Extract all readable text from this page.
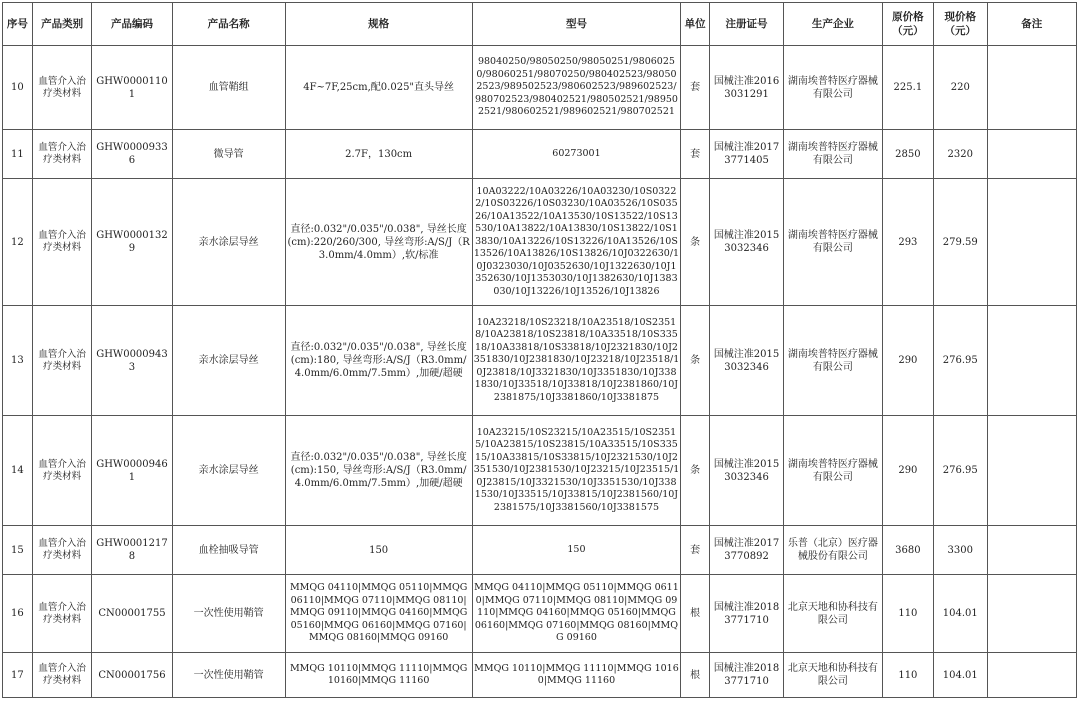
序号	产品类别	产品编码	产品名称	规格	型号	单位	注册证号	生产企业	原价格（元）	现价格（元）	备注
10	血管介入治疗类材料	GHW00001101	血管鞘组	4F~7F,25cm,配0.025"直头导丝	98040250/98050250/98050251/98060250/98060251/98070250/980402523/980502523/989502523/980602523/989602523/980702523/980402521/980502521/989502521/980602521/989602521/980702521	套	国械注准20163031291	湖南埃普特医疗器械有限公司	225.1	220	
11	血管介入治疗类材料	GHW00009336	微导管	2.7F，130cm	60273001	套	国械注准20173771405	湖南埃普特医疗器械有限公司	2850	2320	
12	血管介入治疗类材料	GHW00001329	亲水涂层导丝	直径:0.032"/0.035"/0.038", 导丝长度(cm):220/260/300, 导丝弯形:A/S/J（R3.0mm/4.0mm）,软/标准	10A03222/10A03226/10A03230/10S03222/10S03226/10S03230/10A03526/10S03526/10A13522/10A13530/10S13522/10S13530/10A13822/10A13830/10S13822/10S13830/10A13226/10S13226/10A13526/10S13526/10A13826/10S13826/10J0322630/10J0323030/10J0352630/10J1322630/10J1352630/10J1353030/10J1382630/10J1383030/10J13226/10J13526/10J13826	条	国械注准20153032346	湖南埃普特医疗器械有限公司	293	279.59	
13	血管介入治疗类材料	GHW00009433	亲水涂层导丝	直径:0.032"/0.035"/0.038", 导丝长度(cm):180, 导丝弯形:A/S/J（R3.0mm/4.0mm/6.0mm/7.5mm）,加硬/超硬	10A23218/10S23218/10A23518/10S23518/10A23818/10S23818/10A33518/10S33518/10A33818/10S33818/10J2321830/10J2351830/10J2381830/10J23218/10J23518/10J23818/10J3321830/10J3351830/10J3381830/10J33518/10J33818/10J2381860/10J2381875/10J3381860/10J3381875	条	国械注准20153032346	湖南埃普特医疗器械有限公司	290	276.95	
14	血管介入治疗类材料	GHW00009461	亲水涂层导丝	直径:0.032"/0.035"/0.038", 导丝长度(cm):150, 导丝弯形:A/S/J（R3.0mm/4.0mm/6.0mm/7.5mm）,加硬/超硬	10A23215/10S23215/10A23515/10S23515/10A23815/10S23815/10A33515/10S33515/10A33815/10S33815/10J2321530/10J2351530/10J2381530/10J23215/10J23515/10J23815/10J3321530/10J3351530/10J3381530/10J33515/10J33815/10J2381560/10J2381575/10J3381560/10J3381575	条	国械注准20153032346	湖南埃普特医疗器械有限公司	290	276.95	
15	血管介入治疗类材料	GHW00012178	血栓抽吸导管	150	150	套	国械注准20173770892	乐普（北京）医疗器械股份有限公司	3680	3300	
16	血管介入治疗类材料	CN00001755	一次性使用鞘管	MMQG 04110|MMQG 05110|MMQG 06110|MMQG 07110|MMQG 08110|MMQG 09110|MMQG 04160|MMQG 05160|MMQG 06160|MMQG 07160|MMQG 08160|MMQG 09160	MMQG 04110|MMQG 05110|MMQG 06110|MMQG 07110|MMQG 08110|MMQG 09110|MMQG 04160|MMQG 05160|MMQG 06160|MMQG 07160|MMQG 08160|MMQG 09160	根	国械注准20183771710	北京天地和协科技有限公司	110	104.01	
17	血管介入治疗类材料	CN00001756	一次性使用鞘管	MMQG 10110|MMQG 11110|MMQG 10160|MMQG 11160	MMQG 10110|MMQG 11110|MMQG 10160|MMQG 11160	根	国械注准20183771710	北京天地和协科技有限公司	110	104.01	
